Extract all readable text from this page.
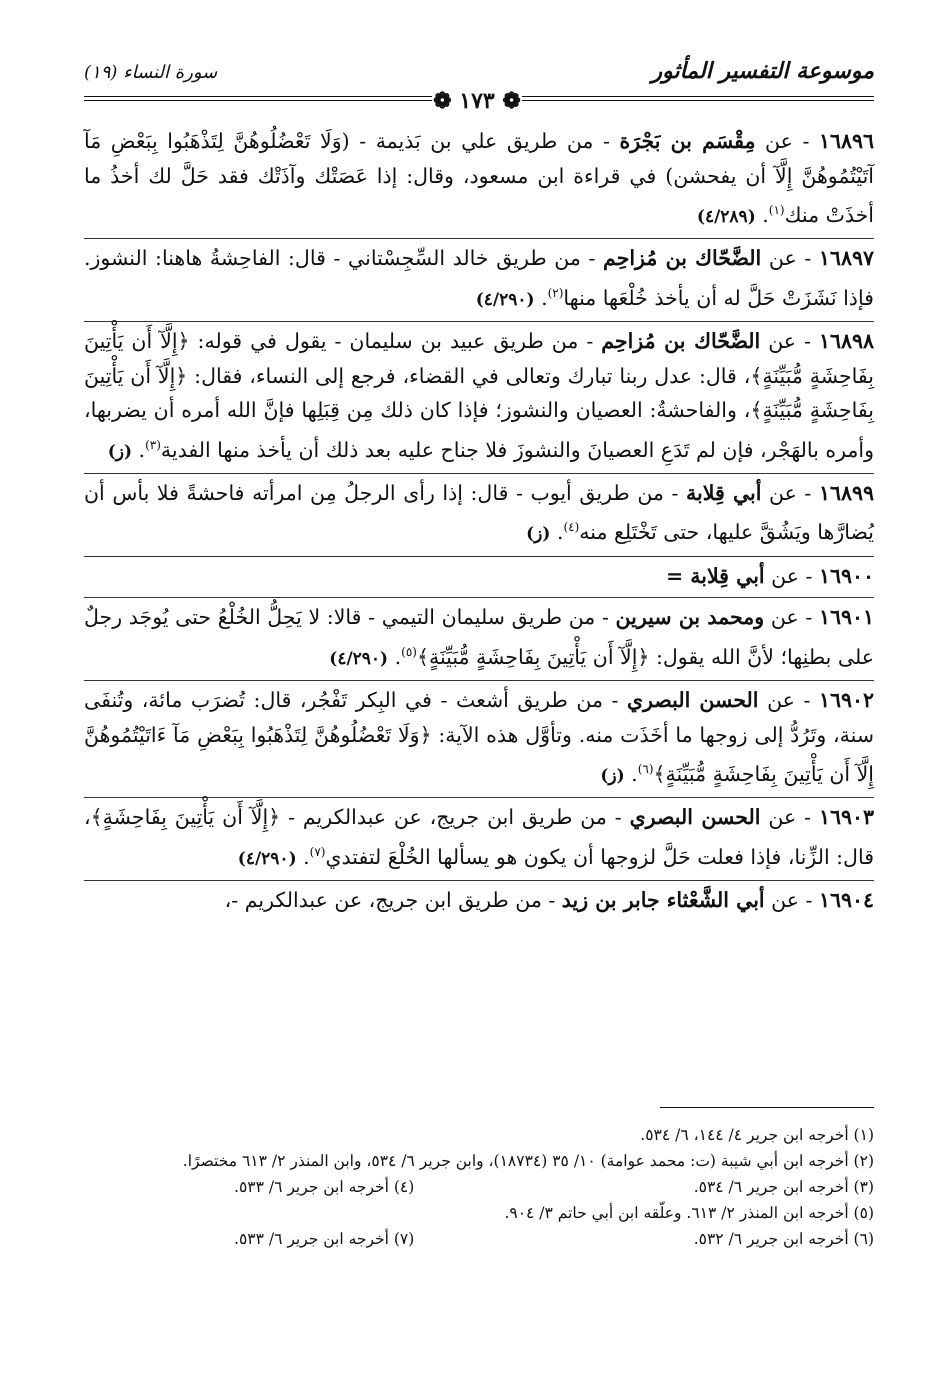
موسوعة التفسير المأثور
سورة النساء (١٩)
❁ ١٧٣ ❁

١٦٨٩٦ - عن مِقْسَم بن بَجْرَة - من طريق علي بن بَذيمة - (وَلَا تَعْضُلُوهُنَّ لِتَذْهَبُوا بِبَعْضِ مَآ آتَيْتُمُوهُنَّ إِلَّآ أن يفحشن) في قراءة ابن مسعود، وقال: إذا عَصَتْك وآذَتْك فقد حَلَّ لك أخذُ ما أخذَتْ منك$^{(١)}$. (٤/٢٨٩)

١٦٨٩٧ - عن الضَّحّاك بن مُزاحِم - من طريق خالد السِّجِسْتاني - قال: الفاحِشةُ هاهنا: النشوز. فإذا نَشَزَتْ حَلَّ له أن يأخذ خُلْعَها منها$^{(٢)}$. (٤/٢٩٠)

١٦٨٩٨ - عن الضَّحّاك بن مُزاحِم - من طريق عبيد بن سليمان - يقول في قوله: ﴿إِلَّآ أَن يَأْتِينَ بِفَاحِشَةٍ مُّبَيِّنَةٍ﴾، قال: عدل ربنا تبارك وتعالى في القضاء، فرجع إلى النساء، فقال: ﴿إِلَّآ أَن يَأْتِينَ بِفَاحِشَةٍ مُّبَيِّنَةٍ﴾، والفاحشةُ: العصيان والنشوز؛ فإذا كان ذلك مِن قِبَلِها فإنَّ الله أمره أن يضربها، وأمره بالهَجْر، فإن لم تَدَعِ العصيانَ والنشوزَ فلا جناح عليه بعد ذلك أن يأخذ منها الفدية$^{(٣)}$. (ز)

١٦٨٩٩ - عن أبي قِلابة - من طريق أيوب - قال: إذا رأى الرجلُ مِن امرأته فاحشةً فلا بأس أن يُضارَّها ويَشُقَّ عليها، حتى تَخْتَلِع منه$^{(٤)}$. (ز)

١٦٩٠٠ - عن أبي قِلابة =

١٦٩٠١ - عن ومحمد بن سيرين - من طريق سليمان التيمي - قالا: لا يَحِلُّ الخُلْعُ حتى يُوجَد رجلٌ على بطنِها؛ لأنَّ الله يقول: ﴿إِلَّآ أَن يَأْتِينَ بِفَاحِشَةٍ مُّبَيِّنَةٍ﴾$^{(٥)}$. (٤/٢٩٠)

١٦٩٠٢ - عن الحسن البصري - من طريق أشعث - في البِكر تَفْجُر، قال: تُضرَب مائة، وتُنفَى سنة، وتَرُدُّ إلى زوجها ما أخَذَت منه. وتأوَّل هذه الآية: ﴿وَلَا تَعْضُلُوهُنَّ لِتَذْهَبُوا بِبَعْضِ مَآ ءَاتَيْتُمُوهُنَّ إِلَّآ أَن يَأْتِينَ بِفَاحِشَةٍ مُّبَيِّنَةٍ﴾$^{(٦)}$. (ز)

١٦٩٠٣ - عن الحسن البصري - من طريق ابن جريج، عن عبدالكريم - ﴿إِلَّآ أَن يَأْتِينَ بِفَاحِشَةٍ﴾، قال: الزِّنا، فإذا فعلت حَلَّ لزوجها أن يكون هو يسألها الخُلْعَ لتفتدي$^{(٧)}$. (٤/٢٩٠)

١٦٩٠٤ - عن أبي الشَّعْثاء جابر بن زيد - من طريق ابن جريج، عن عبدالكريم -،

(١) أخرجه ابن جرير ٤/ ١٤٤، ٦/ ٥٣٤.

(٢) أخرجه ابن أبي شيبة (ت: محمد عوامة) ١٠/ ٣٥ (١٨٧٣٤)، وابن جرير ٦/ ٥٣٤، وابن المنذر ٢/ ٦١٣ مختصرًا.

(٣) أخرجه ابن جرير ٦/ ٥٣٤.
(٤) أخرجه ابن جرير ٦/ ٥٣٣.

(٥) أخرجه ابن المنذر ٢/ ٦١٣. وعلّقه ابن أبي حاتم ٣/ ٩٠٤.

(٦) أخرجه ابن جرير ٦/ ٥٣٢.
(٧) أخرجه ابن جرير ٦/ ٥٣٣.
